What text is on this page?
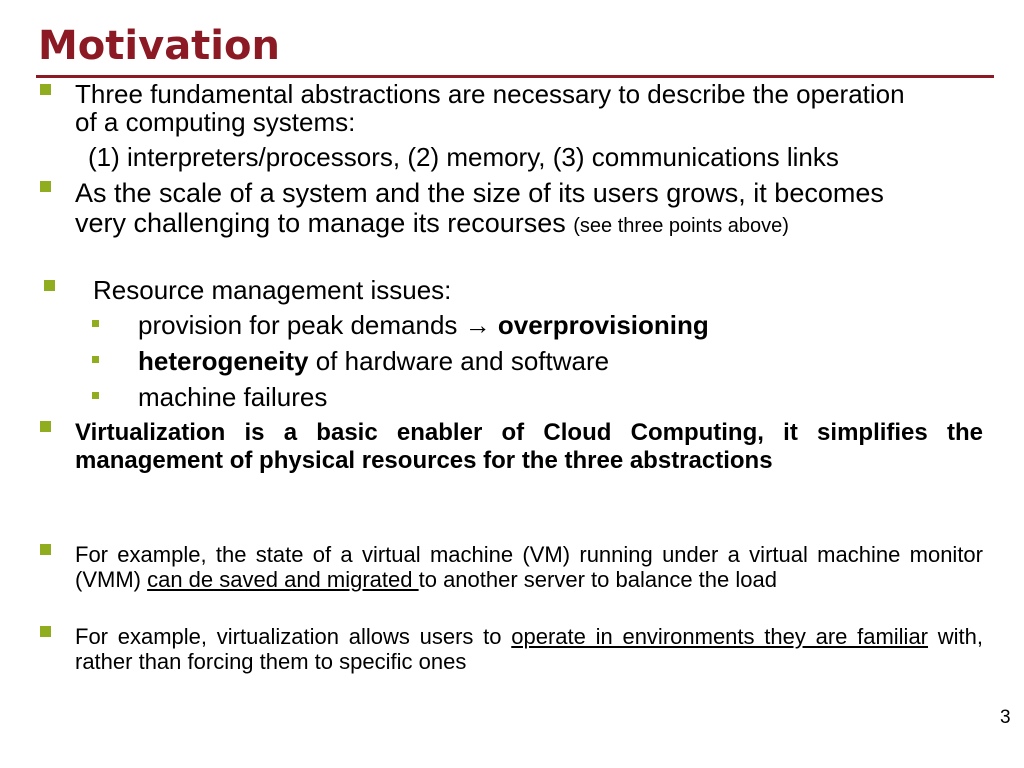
Motivation

Three fundamental abstractions are necessary to describe the operation

of a computing systems:

(1) interpreters/processors, (2) memory, (3) communications links

As the scale of a system and the size of its users grows, it becomes

very challenging to manage its recourses (see three points above)

Resource management issues:

provision for peak demands → overprovisioning

heterogeneity of hardware and software

machine failures

Virtualization is a basic enabler of Cloud Computing, it simplifies the management of physical resources for the three abstractions

For example, the state of a virtual machine (VM) running under a virtual machine monitor (VMM) can de saved and migrated to another server to balance the load

For example, virtualization allows users to operate in environments they are familiar with, rather than forcing them to specific ones

3
